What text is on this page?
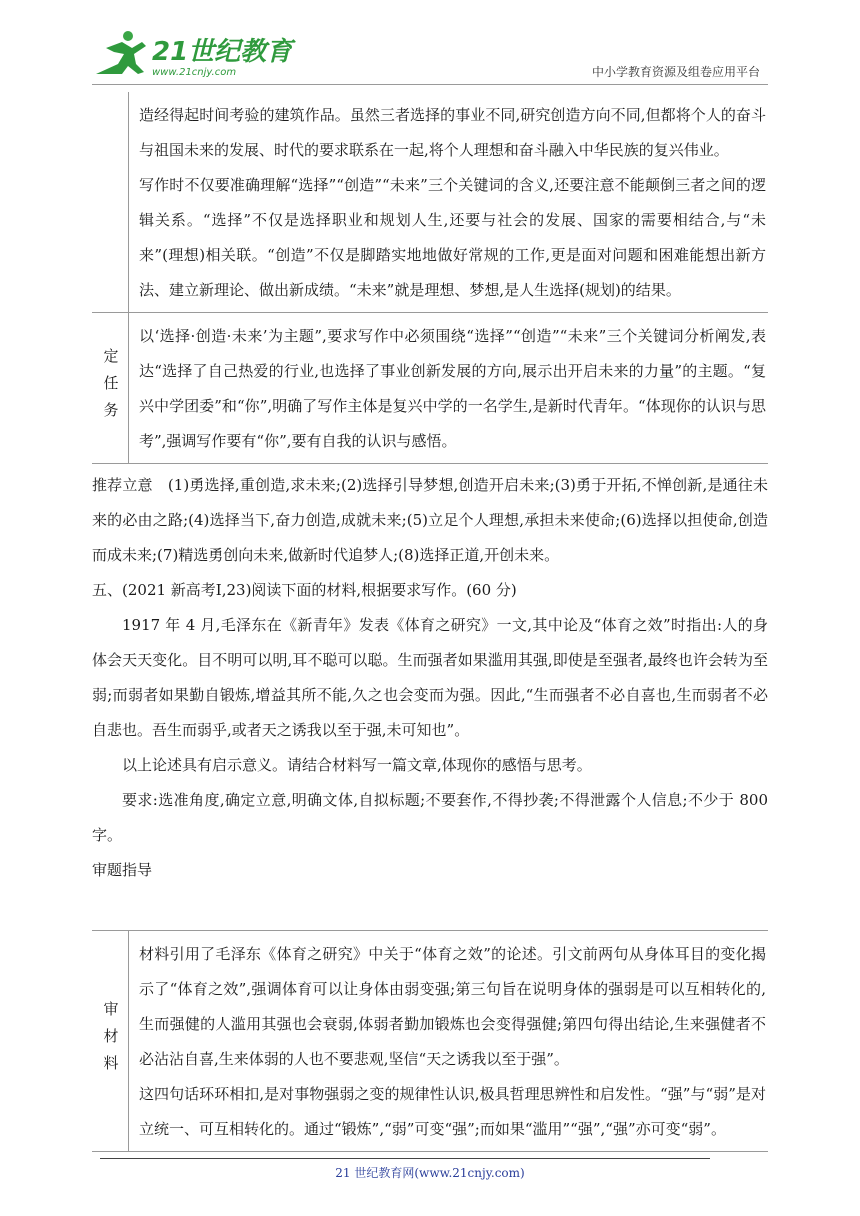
21世纪教育
www.21cnjy.com	中小学教育资源及组卷应用平台

造经得起时间考验的建筑作品。虽然三者选择的事业不同,研究创造方向不同,但都将个人的奋斗与祖国未来的发展、时代的要求联系在一起,将个人理想和奋斗融入中华民族的复兴伟业。

写作时不仅要准确理解“选择”“创造”“未来”三个关键词的含义,还要注意不能颠倒三者之间的逻辑关系。“选择”不仅是选择职业和规划人生,还要与社会的发展、国家的需要相结合,与“未来”(理想)相关联。“创造”不仅是脚踏实地地做好常规的工作,更是面对问题和困难能想出新方法、建立新理论、做出新成绩。“未来”就是理想、梦想,是人生选择(规划)的结果。

定任务

以‘选择·创造·未来’为主题”,要求写作中必须围绕“选择”“创造”“未来”三个关键词分析阐发,表达“选择了自己热爱的行业,也选择了事业创新发展的方向,展示出开启未来的力量”的主题。“复兴中学团委”和“你”,明确了写作主体是复兴中学的一名学生,是新时代青年。“体现你的认识与思考”,强调写作要有“你”,要有自我的认识与感悟。

推荐立意　(1)勇选择,重创造,求未来;(2)选择引导梦想,创造开启未来;(3)勇于开拓,不惮创新,是通往未来的必由之路;(4)选择当下,奋力创造,成就未来;(5)立足个人理想,承担未来使命;(6)选择以担使命,创造而成未来;(7)精选勇创向未来,做新时代追梦人;(8)选择正道,开创未来。

五、(2021 新高考Ⅰ,23)阅读下面的材料,根据要求写作。(60 分)

1917 年 4 月,毛泽东在《新青年》发表《体育之研究》一文,其中论及“体育之效”时指出:人的身体会天天变化。目不明可以明,耳不聪可以聪。生而强者如果滥用其强,即使是至强者,最终也许会转为至弱;而弱者如果勤自锻炼,增益其所不能,久之也会变而为强。因此,“生而强者不必自喜也,生而弱者不必自悲也。吾生而弱乎,或者天之诱我以至于强,未可知也”。

以上论述具有启示意义。请结合材料写一篇文章,体现你的感悟与思考。

要求:选准角度,确定立意,明确文体,自拟标题;不要套作,不得抄袭;不得泄露个人信息;不少于 800 字。

审题指导

审材料

材料引用了毛泽东《体育之研究》中关于“体育之效”的论述。引文前两句从身体耳目的变化揭示了“体育之效”,强调体育可以让身体由弱变强;第三句旨在说明身体的强弱是可以互相转化的,生而强健的人滥用其强也会衰弱,体弱者勤加锻炼也会变得强健;第四句得出结论,生来强健者不必沾沾自喜,生来体弱的人也不要悲观,坚信“天之诱我以至于强”。

这四句话环环相扣,是对事物强弱之变的规律性认识,极具哲理思辨性和启发性。“强”与“弱”是对立统一、可互相转化的。通过“锻炼”,“弱”可变“强”;而如果“滥用”“强”,“强”亦可变“弱”。

21 世纪教育网(www.21cnjy.com)
